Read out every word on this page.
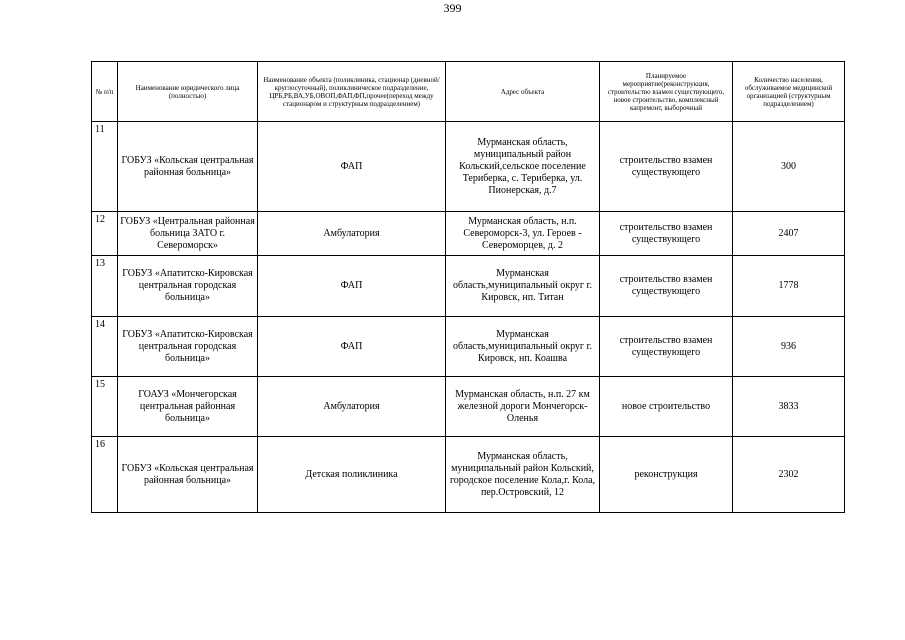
399
№ п/п	Наименование юридического лица (полностью)	Наименование объекта (поликлиника, стационар (дневной/круглосуточный), поликлиническое подразделение, ЦРБ,РБ,ВА,УБ,ОВОП,ФАП,ФП,прочее(переход между стационаром и структурным подразделением)	Адрес объекта	Планируемое мероприятие(реконструкция, строительство взамен существующего, новое строительство, комплексный капремонт, выборочный	Количество населения, обслуживаемое медицинской организацией (структурным подразделением)
11	ГОБУЗ «Кольская центральная районная больница»	ФАП	Мурманская область, муниципальный район Кольский,сельское поселение Териберка, с. Териберка, ул. Пионерская, д.7	строительство взамен существующего	300
12	ГОБУЗ «Центральная районная больница ЗАТО г. Североморск»	Амбулатория	Мурманская область, н.п. Североморск-3, ул. Героев - Североморцев, д. 2	строительство взамен существующего	2407
13	ГОБУЗ «Апатитско-Кировская центральная городская больница»	ФАП	Мурманская область,муниципальный округ г. Кировск, нп. Титан	строительство взамен существующего	1778
14	ГОБУЗ «Апатитско-Кировская центральная городская больница»	ФАП	Мурманская область,муниципальный округ г. Кировск, нп. Коашва	строительство взамен существующего	936
15	ГОАУЗ «Мончегорская центральная районная больница»	Амбулатория	Мурманская область, н.п. 27 км железной дороги Мончегорск-Оленья	новое строительство	3833
16	ГОБУЗ «Кольская центральная районная больница»	Детская поликлиника	Мурманская область, муниципальный район Кольский, городское поселение Кола,г. Кола, пер.Островский, 12	реконструкция	2302
